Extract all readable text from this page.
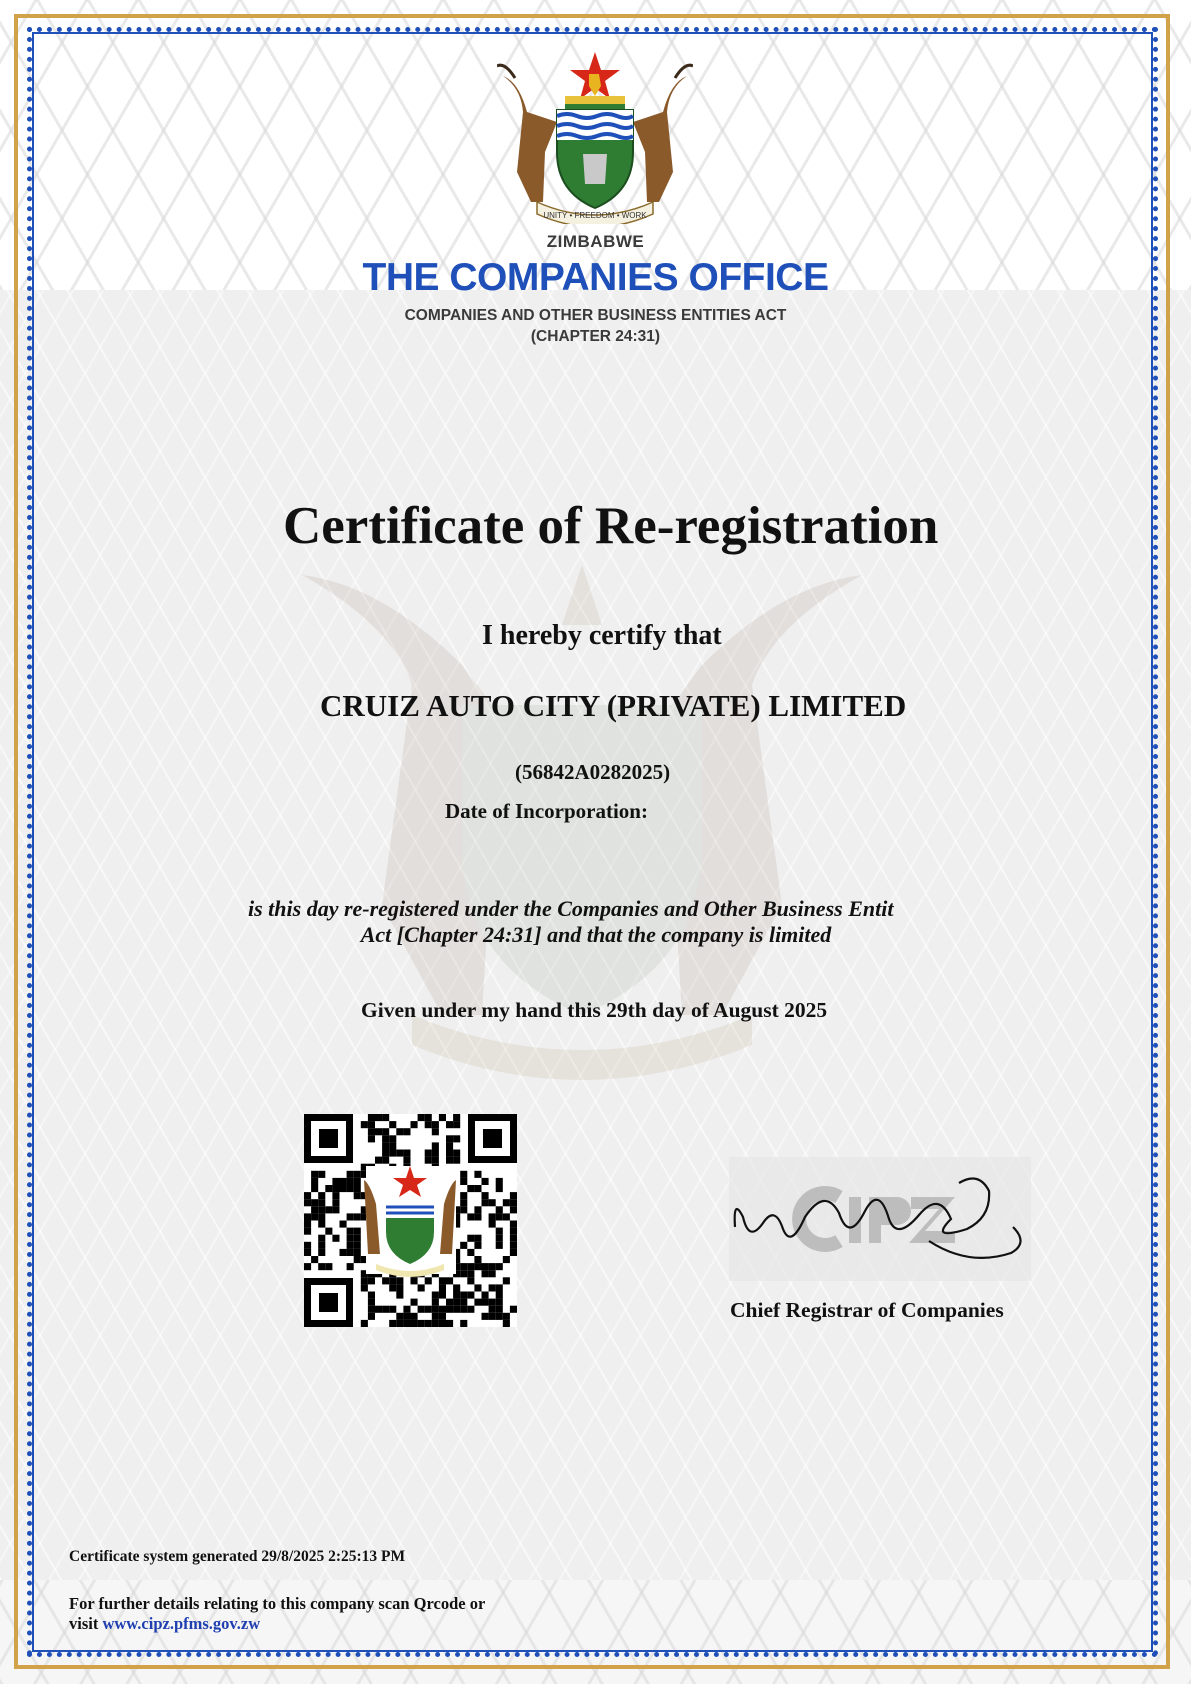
UNITY • FREEDOM • WORK
ZIMBABWE
THE COMPANIES OFFICE
COMPANIES AND OTHER BUSINESS ENTITIES ACT
(CHAPTER 24:31)
Certificate of Re-registration
I hereby certify that
CRUIZ AUTO CITY (PRIVATE) LIMITED
(56842A0282025)
Date of Incorporation:
is this day re-registered under the Companies and Other Business Entit
Act [Chapter 24:31] and that the company is limited
Given under my hand this 29th day of August 2025
Chief Registrar of Companies
Certificate system generated 29/8/2025 2:25:13 PM
For further details relating to this company scan Qrcode or
visit www.cipz.pfms.gov.zw
